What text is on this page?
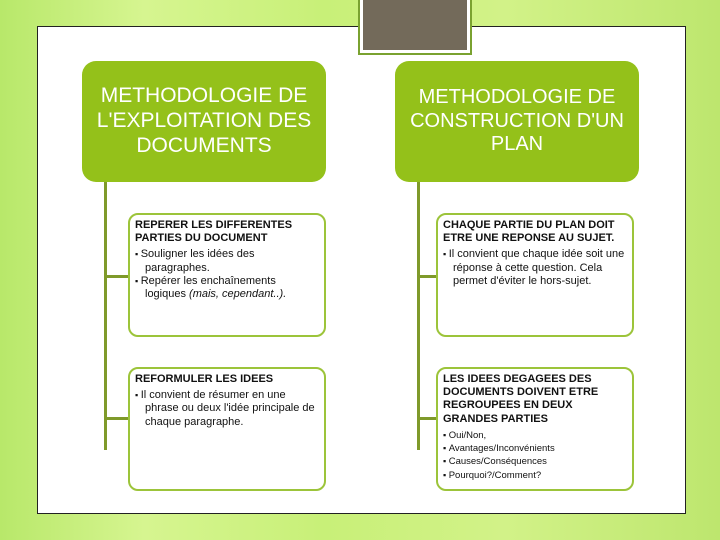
METHODOLOGIE DE L'EXPLOITATION DES DOCUMENTS
METHODOLOGIE DE CONSTRUCTION D'UN PLAN
REPERER LES DIFFERENTES PARTIES DU DOCUMENT
▪ Souligner les idées des paragraphes.
▪ Repérer les enchaînements logiques (mais, cependant..).
REFORMULER LES IDEES
▪ Il convient de résumer en une phrase ou deux l'idée principale de chaque paragraphe.
CHAQUE PARTIE DU PLAN DOIT ETRE UNE REPONSE AU SUJET.
▪ Il convient que chaque idée soit une réponse à cette question. Cela permet d'éviter le hors-sujet.
LES IDEES DEGAGEES DES DOCUMENTS DOIVENT ETRE REGROUPEES EN DEUX GRANDES PARTIES
▪ Oui/Non,
▪ Avantages/Inconvénients
▪ Causes/Conséquences
▪ Pourquoi?/Comment?
